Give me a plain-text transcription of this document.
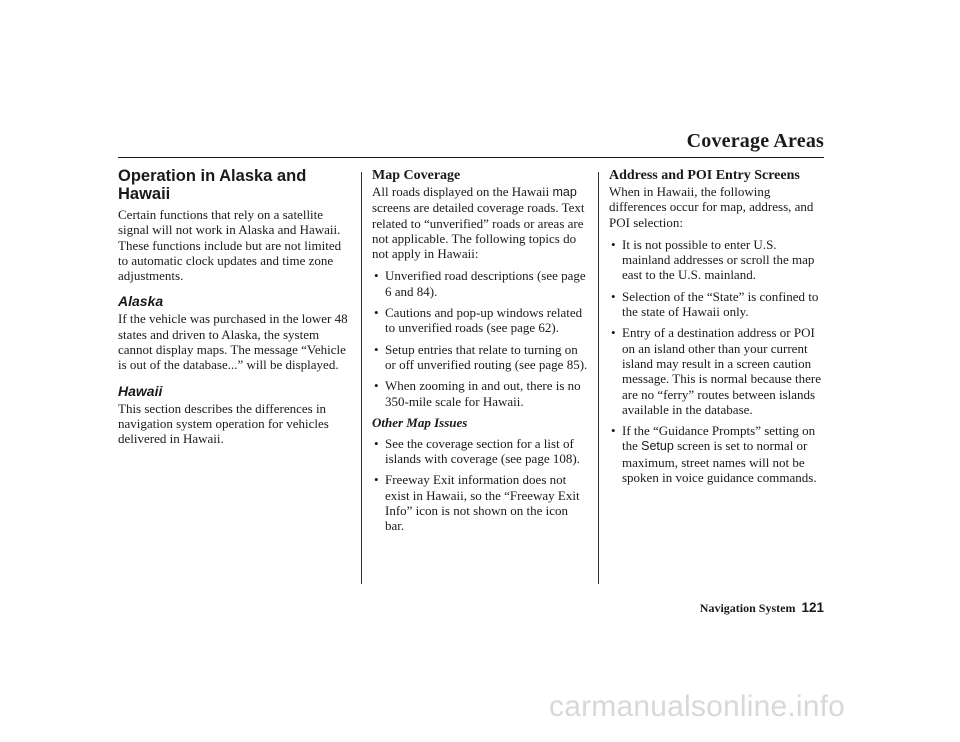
Coverage Areas
Operation in Alaska and Hawaii

Certain functions that rely on a satellite signal will not work in Alaska and Hawaii. These functions include but are not limited to automatic clock updates and time zone adjustments.

Alaska

If the vehicle was purchased in the lower 48 states and driven to Alaska, the system cannot display maps. The message “Vehicle is out of the database...” will be displayed.

Hawaii

This section describes the differences in navigation system operation for vehicles delivered in Hawaii.

Map Coverage

All roads displayed on the Hawaii map screens are detailed coverage roads. Text related to “unverified” roads or areas are not applicable. The following topics do not apply in Hawaii:

• Unverified road descriptions (see page 6 and 84).
• Cautions and pop-up windows related to unverified roads (see page 62).
• Setup entries that relate to turning on or off unverified routing (see page 85).
• When zooming in and out, there is no 350-mile scale for Hawaii.
Other Map Issues
• See the coverage section for a list of islands with coverage (see page 108).
• Freeway Exit information does not exist in Hawaii, so the “Freeway Exit Info” icon is not shown on the icon bar.
Address and POI Entry Screens

When in Hawaii, the following differences occur for map, address, and POI selection:

• It is not possible to enter U.S. mainland addresses or scroll the map east to the U.S. mainland.
• Selection of the “State” is confined to the state of Hawaii only.
• Entry of a destination address or POI on an island other than your current island may result in a screen caution message. This is normal because there are no “ferry” routes between islands available in the database.
• If the “Guidance Prompts” setting on the Setup screen is set to normal or maximum, street names will not be spoken in voice guidance commands.
Navigation System 121
carmanualsonline.info
